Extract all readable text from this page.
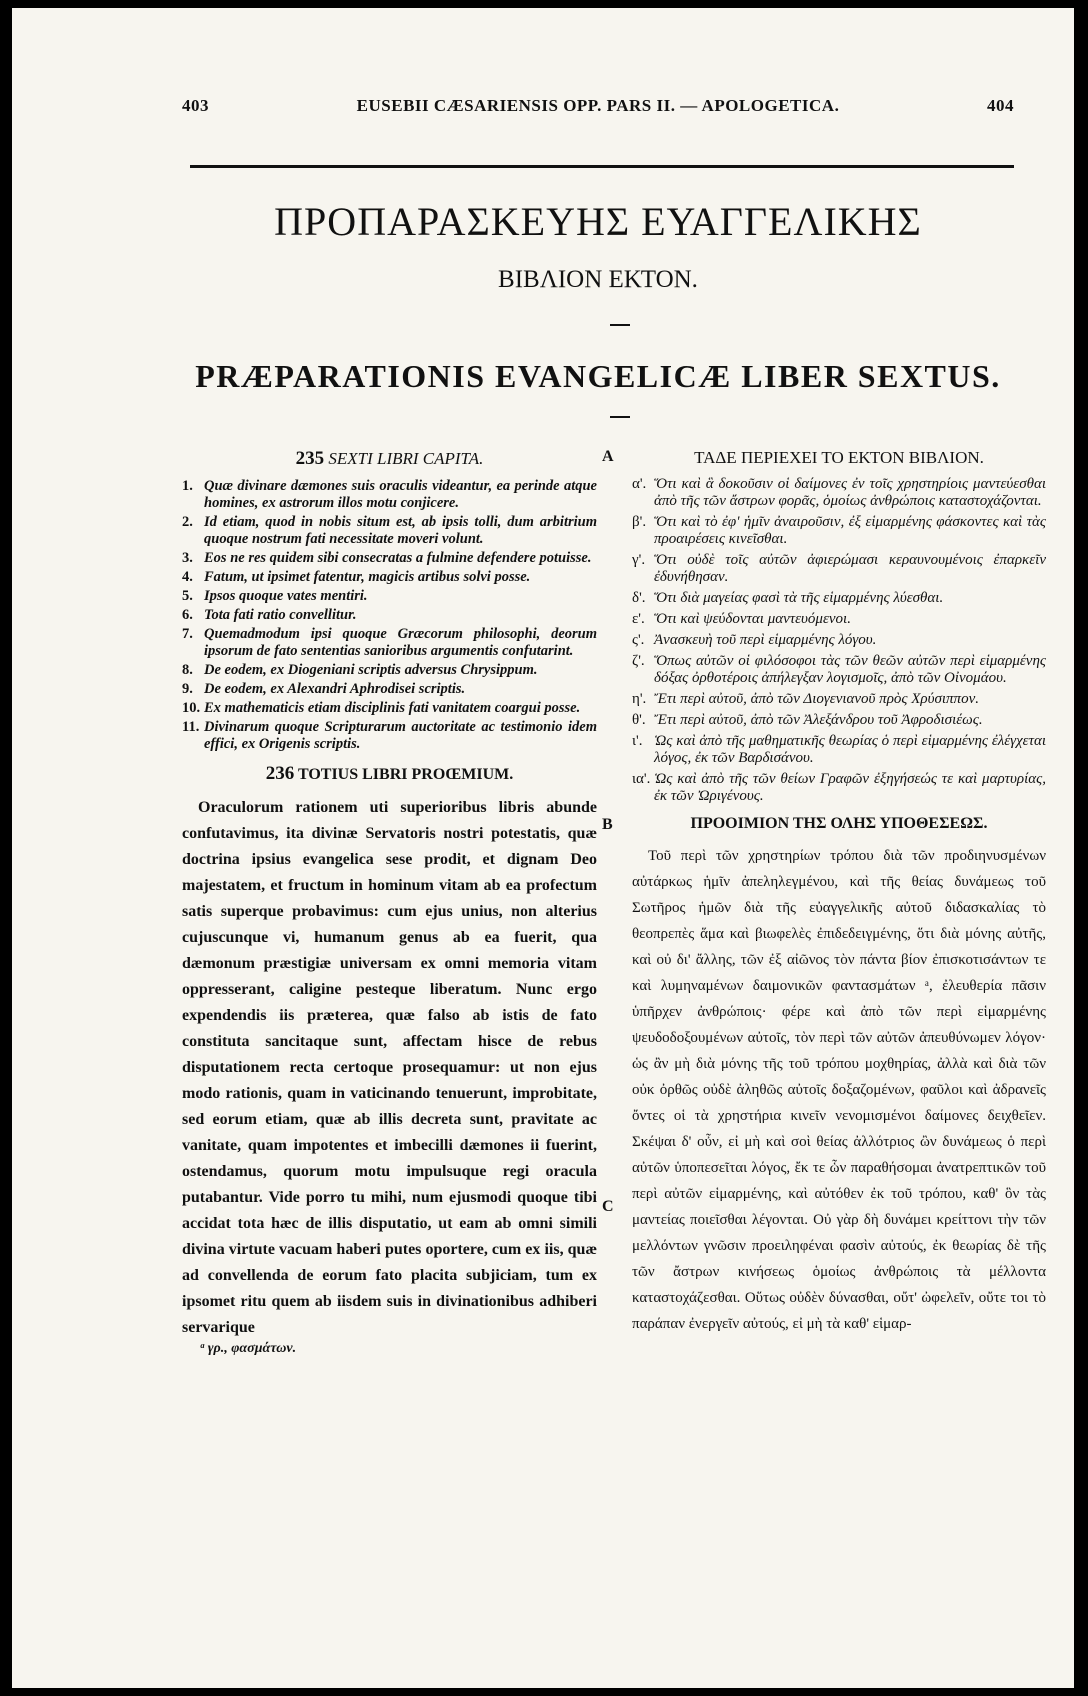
403	EUSEBII CÆSARIENSIS OPP. PARS II. — APOLOGETICA.	404
ΠΡΟΠΑΡΑΣΚΕΥΗΣ ΕΥΑΓΓΕΛΙΚΗΣ
ΒΙΒΛΙΟΝ ΕΚΤΟΝ.
PRÆPARATIONIS EVANGELICÆ LIBER SEXTUS.
A
B
C
235 SEXTI LIBRI CAPITA.

1. Quæ divinare dæmones suis oraculis videantur, ea perinde atque homines, ex astrorum illos motu conjicere.

2. Id etiam, quod in nobis situm est, ab ipsis tolli, dum arbitrium quoque nostrum fati necessitate moveri volunt.

3. Eos ne res quidem sibi consecratas a fulmine defendere potuisse.

4. Fatum, ut ipsimet fatentur, magicis artibus solvi posse.

5. Ipsos quoque vates mentiri.

6. Tota fati ratio convellitur.

7. Quemadmodum ipsi quoque Græcorum philosophi, deorum ipsorum de fato sententias sanioribus argumentis confutarint.

8. De eodem, ex Diogeniani scriptis adversus Chrysippum.

9. De eodem, ex Alexandri Aphrodisei scriptis.

10. Ex mathematicis etiam disciplinis fati vanitatem coargui posse.

11. Divinarum quoque Scripturarum auctoritate ac testimonio idem effici, ex Origenis scriptis.

236 TOTIUS LIBRI PROŒMIUM.

Oraculorum rationem uti superioribus libris abunde confutavimus, ita divinæ Servatoris nostri potestatis, quæ doctrina ipsius evangelica sese prodit, et dignam Deo majestatem, et fructum in hominum vitam ab ea profectum satis superque probavimus: cum ejus unius, non alterius cujuscunque vi, humanum genus ab ea fuerit, qua dæmonum præstigiæ universam ex omni memoria vitam oppresserant, caligine pesteque liberatum. Nunc ergo expendendis iis præterea, quæ falso ab istis de fato constituta sancitaque sunt, affectam hisce de rebus disputationem recta certoque prosequamur: ut non ejus modo rationis, quam in vaticinando tenuerunt, improbitate, sed eorum etiam, quæ ab illis decreta sunt, pravitate ac vanitate, quam impotentes et imbecilli dæmones ii fuerint, ostendamus, quorum motu impulsuque regi oracula putabantur. Vide porro tu mihi, num ejusmodi quoque tibi accidat tota hæc de illis disputatio, ut eam ab omni simili divina virtute vacuam haberi putes oportere, cum ex iis, quæ ad convellenda de eorum fato placita subjiciam, tum ex ipsomet ritu quem ab iisdem suis in divinationibus adhiberi servarique

ΤΑΔΕ ΠΕΡΙΕΧΕΙ ΤΟ ΕΚΤΟΝ ΒΙΒΛΙΟΝ.

α'. Ὅτι καὶ ἃ δοκοῦσιν οἱ δαίμονες ἐν τοῖς χρηστηρίοις μαντεύεσθαι ἀπὸ τῆς τῶν ἄστρων φορᾶς, ὁμοίως ἀνθρώποις καταστοχάζονται.

β'. Ὅτι καὶ τὸ ἐφ' ἡμῖν ἀναιροῦσιν, ἐξ εἱμαρμένης φάσκοντες καὶ τὰς προαιρέσεις κινεῖσθαι.

γ'. Ὅτι οὐδὲ τοῖς αὐτῶν ἀφιερώμασι κεραυνουμένοις ἐπαρκεῖν ἐδυνήθησαν.

δ'. Ὅτι διὰ μαγείας φασὶ τὰ τῆς εἱμαρμένης λύεσθαι.

ε'. Ὅτι καὶ ψεύδονται μαντευόμενοι.

ς'. Ἀνασκευὴ τοῦ περὶ εἱμαρμένης λόγου.

ζ'. Ὅπως αὐτῶν οἱ φιλόσοφοι τὰς τῶν θεῶν αὐτῶν περὶ εἱμαρμένης δόξας ὀρθοτέροις ἀπήλεγξαν λογισμοῖς, ἀπὸ τῶν Οἰνομάου.

η'. Ἔτι περὶ αὐτοῦ, ἀπὸ τῶν Διογενιανοῦ πρὸς Χρύσιππον.

θ'. Ἔτι περὶ αὐτοῦ, ἀπὸ τῶν Ἀλεξάνδρου τοῦ Ἀφροδισιέως.

ι'. Ὡς καὶ ἀπὸ τῆς μαθηματικῆς θεωρίας ὁ περὶ εἱμαρμένης ἐλέγχεται λόγος, ἐκ τῶν Βαρδισάνου.

ια'. Ὡς καὶ ἀπὸ τῆς τῶν θείων Γραφῶν ἐξηγήσεώς τε καὶ μαρτυρίας, ἐκ τῶν Ὠριγένους.

ΠΡΟΟΙΜΙΟΝ ΤΗΣ ΟΛΗΣ ΥΠΟΘΕΣΕΩΣ.

Τοῦ περὶ τῶν χρηστηρίων τρόπου διὰ τῶν προδιηνυσμένων αὐτάρκως ἡμῖν ἀπεληλεγμένου, καὶ τῆς θείας δυνάμεως τοῦ Σωτῆρος ἡμῶν διὰ τῆς εὐαγγελικῆς αὐτοῦ διδασκαλίας τὸ θεοπρεπὲς ἅμα καὶ βιωφελὲς ἐπιδεδειγμένης, ὅτι διὰ μόνης αὐτῆς, καὶ οὐ δι' ἄλλης, τῶν ἐξ αἰῶνος τὸν πάντα βίον ἐπισκοτισάντων τε καὶ λυμηναμένων δαιμονικῶν φαντασμάτων ᵃ, ἐλευθερία πᾶσιν ὑπῆρχεν ἀνθρώποις· φέρε καὶ ἀπὸ τῶν περὶ εἱμαρμένης ψευδοδοξουμένων αὐτοῖς, τὸν περὶ τῶν αὐτῶν ἀπευθύνωμεν λόγον· ὡς ἂν μὴ διὰ μόνης τῆς τοῦ τρόπου μοχθηρίας, ἀλλὰ καὶ διὰ τῶν οὐκ ὀρθῶς οὐδὲ ἀληθῶς αὐτοῖς δοξαζομένων, φαῦλοι καὶ ἀδρανεῖς ὄντες οἱ τὰ χρηστήρια κινεῖν νενομισμένοι δαίμονες δειχθεῖεν. Σκέψαι δ' οὖν, εἰ μὴ καὶ σοὶ θείας ἀλλότριος ὢν δυνάμεως ὁ περὶ αὐτῶν ὑποπεσεῖται λόγος, ἔκ τε ὧν παραθήσομαι ἀνατρεπτικῶν τοῦ περὶ αὐτῶν εἱμαρμένης, καὶ αὐτόθεν ἐκ τοῦ τρόπου, καθ' ὃν τὰς μαντείας ποιεῖσθαι λέγονται. Οὐ γὰρ δὴ δυνάμει κρείττονι τὴν τῶν μελλόντων γνῶσιν προειληφέναι φασὶν αὐτούς, ἐκ θεωρίας δὲ τῆς τῶν ἄστρων κινήσεως ὁμοίως ἀνθρώποις τὰ μέλλοντα καταστοχάζεσθαι. Οὕτως οὐδὲν δύνασθαι, οὔτ' ὠφελεῖν, οὔτε τοι τὸ παράπαν ἐνεργεῖν αὐτούς, εἰ μὴ τὰ καθ' εἱμαρ-

ᵃ γρ., φασμάτων.
